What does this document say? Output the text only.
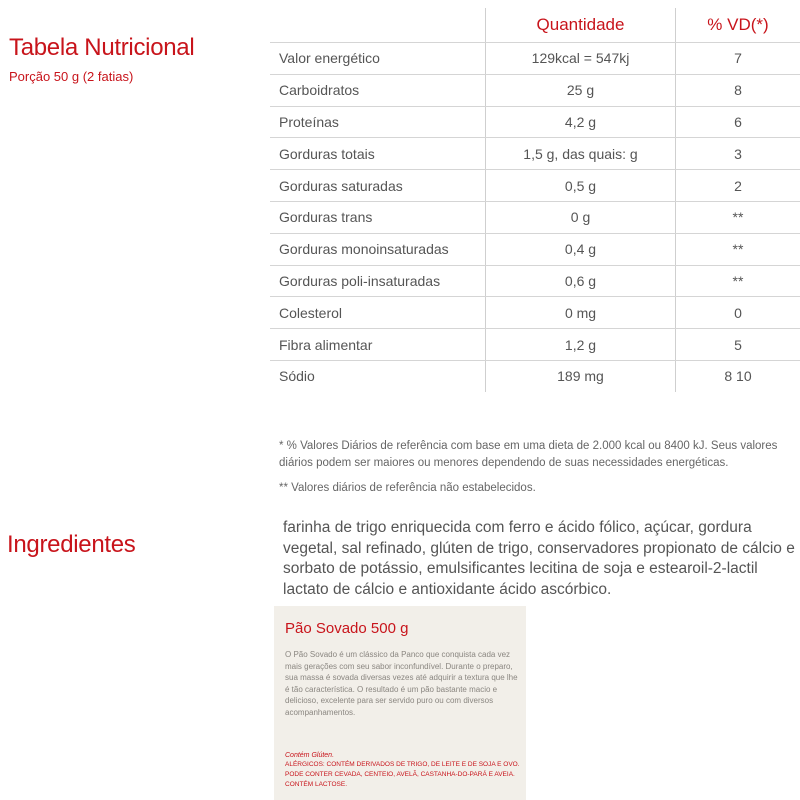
Tabela Nutricional
Porção 50 g (2 fatias)
	Quantidade	% VD(*)
Valor energético	129kcal = 547kj	7
Carboidratos	25 g	8
Proteínas	4,2 g	6
Gorduras totais	1,5 g, das quais: g	3
Gorduras saturadas	0,5 g	2
Gorduras trans	0 g	**
Gorduras monoinsaturadas	0,4 g	**
Gorduras poli-insaturadas	0,6 g	**
Colesterol	0 mg	0
Fibra alimentar	1,2 g	5
Sódio	189 mg	8 10
* % Valores Diários de referência com base em uma dieta de 2.000 kcal ou 8400 kJ. Seus valores diários podem ser maiores ou menores dependendo de suas necessidades energéticas.
** Valores diários de referência não estabelecidos.
Ingredientes
farinha de trigo enriquecida com ferro e ácido fólico, açúcar, gordura vegetal, sal refinado, glúten de trigo, conservadores propionato de cálcio e sorbato de potássio, emulsificantes lecitina de soja e estearoil-2-lactil lactato de cálcio e antioxidante ácido ascórbico.
Pão Sovado 500 g
O Pão Sovado é um clássico da Panco que conquista cada vez mais gerações com seu sabor inconfundível. Durante o preparo, sua massa é sovada diversas vezes até adquirir a textura que lhe é tão característica. O resultado é um pão bastante macio e delicioso, excelente para ser servido puro ou com diversos acompanhamentos.
Contém Glúten.
ALÉRGICOS: CONTÉM DERIVADOS DE TRIGO, DE LEITE E DE SOJA E OVO. PODE CONTER CEVADA, CENTEIO, AVELÃ, CASTANHA-DO-PARÁ E AVEIA. CONTÉM LACTOSE.
